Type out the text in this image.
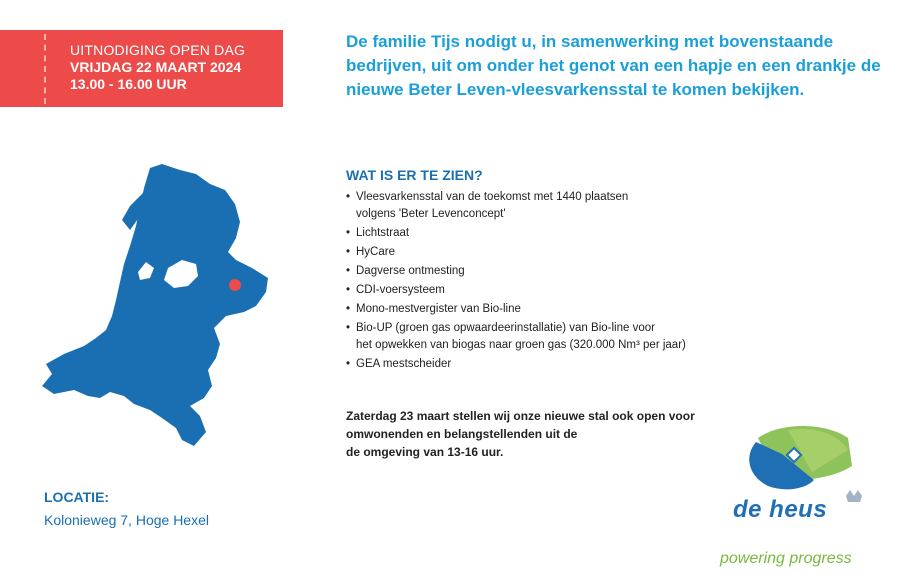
UITNODIGING OPEN DAG
VRIJDAG 22 MAART 2024
13.00 - 16.00 UUR
De familie Tijs nodigt u, in samenwerking met bovenstaande bedrijven, uit om onder het genot van een hapje en een drankje de nieuwe Beter Leven-vleesvarkensstal te komen bekijken.
WAT IS ER TE ZIEN?
• Vleesvarkensstal van de toekomst met 1440 plaatsen
volgens 'Beter Levenconcept'
• Lichtstraat
• HyCare
• Dagverse ontmesting
• CDI-voersysteem
• Mono-mestvergister van Bio-line
• Bio-UP (groen gas opwaardeerinstallatie) van Bio-line voor
het opwekken van biogas naar groen gas (320.000 Nm³ per jaar)
• GEA mestscheider
Zaterdag 23 maart stellen wij onze nieuwe stal ook open voor
omwonenden en belangstellenden uit de
de omgeving van 13-16 uur.
LOCATIE:
Kolonieweg 7, Hoge Hexel	de heus
powering progress
